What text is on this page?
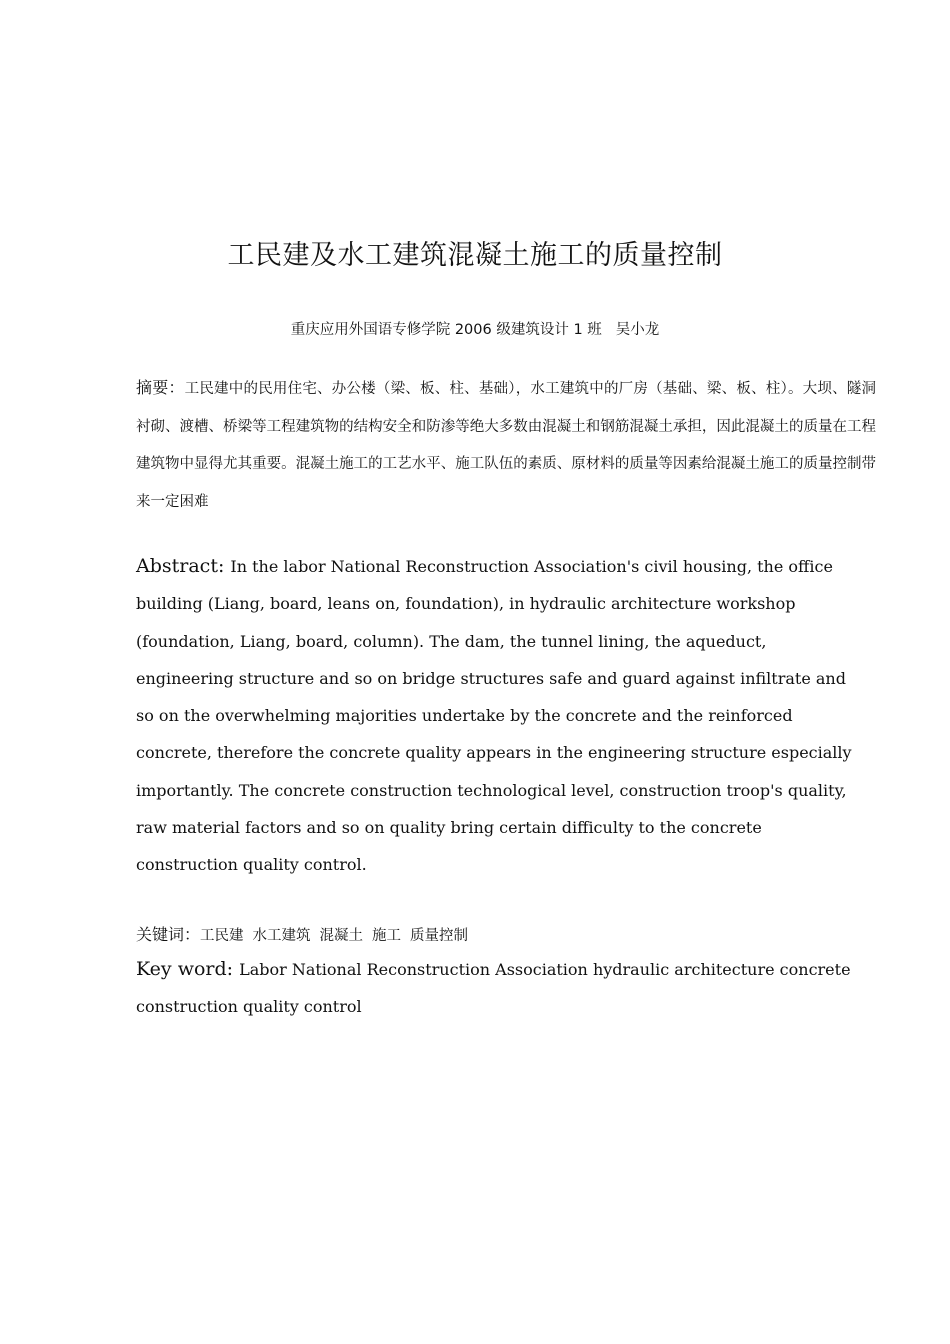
工民建及水工建筑混凝土施工的质量控制
重庆应用外国语专修学院 2006 级建筑设计 1 班 吴小龙
摘要：工民建中的民用住宅、办公楼（梁、板、柱、基础），水工建筑中的厂房（基础、梁、板、柱）。大坝、隧洞衬砌、渡槽、桥梁等工程建筑物的结构安全和防渗等绝大多数由混凝土和钢筋混凝土承担，因此混凝土的质量在工程建筑物中显得尤其重要。混凝土施工的工艺水平、施工队伍的素质、原材料的质量等因素给混凝土施工的质量控制带来一定困难
Abstract: In the labor National Reconstruction Association's civil housing, the office building (Liang, board, leans on, foundation), in hydraulic architecture workshop (foundation, Liang, board, column). The dam, the tunnel lining, the aqueduct, engineering structure and so on bridge structures safe and guard against infiltrate and so on the overwhelming majorities undertake by the concrete and the reinforced concrete, therefore the concrete quality appears in the engineering structure especially importantly. The concrete construction technological level, construction troop's quality, raw material factors and so on quality bring certain difficulty to the concrete construction quality control.
关键词：工民建 水工建筑 混凝土 施工 质量控制
Key word: Labor National Reconstruction Association hydraulic architecture concrete construction quality control
